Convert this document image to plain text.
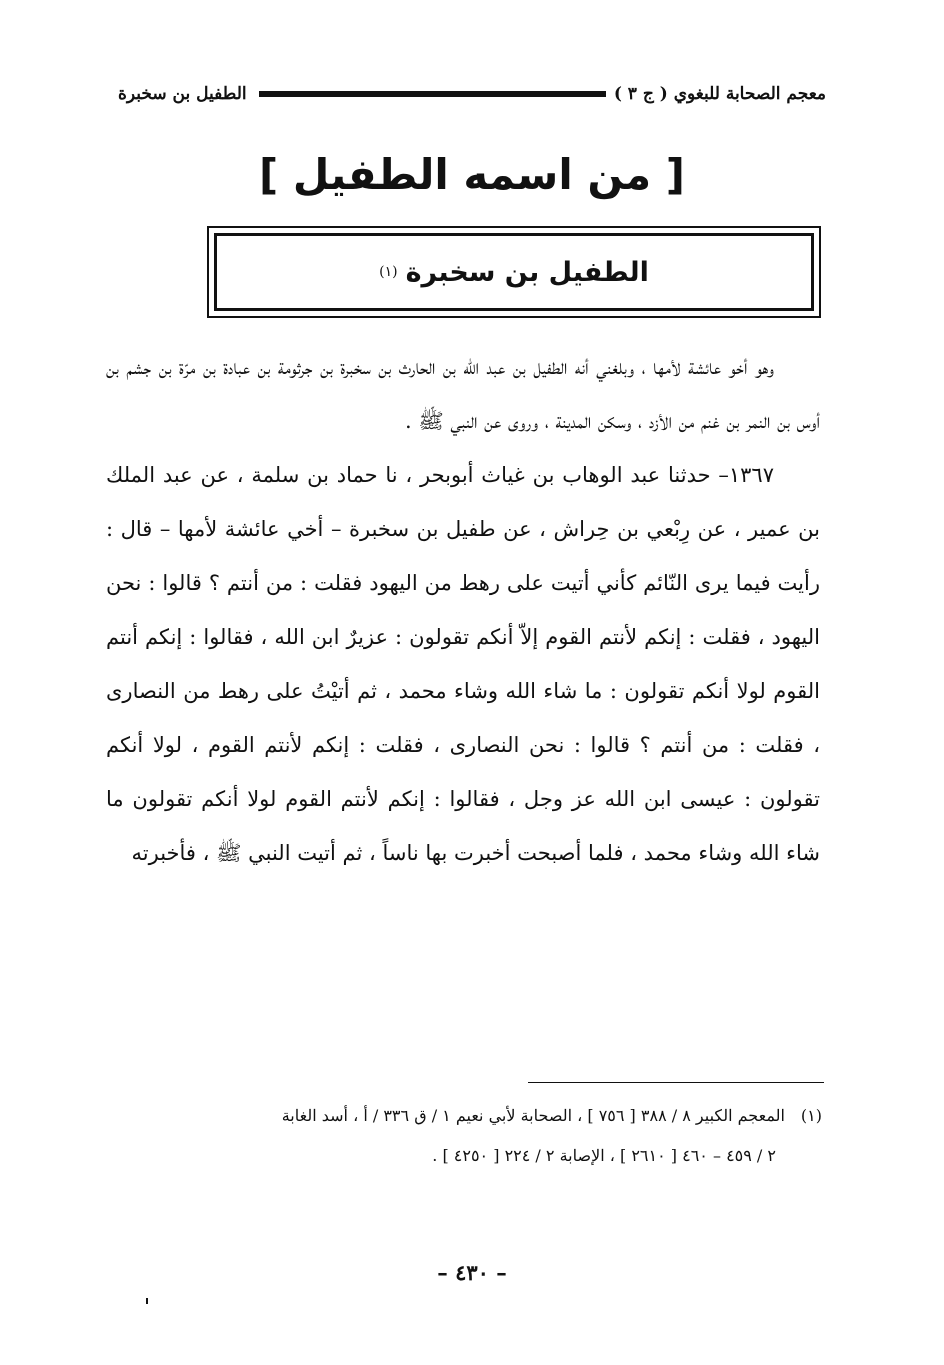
معجم الصحابة للبغوي ( ج ٣ )
الطفيل بن سخبرة
[ من اسمه الطفيل ]
الطفيل بن سخبرة
(١)

وهو أخو عائشة لأمها ، وبلغني أنه الطفيل بن عبد الله بن الحارث بن سخبرة بن جرثومة بن عبادة بن مرّة بن جشم بن أوس بن النمر بن غنم من الأزد ، وسكن المدينة ، وروى عن النبي ﷺ .

١٣٦٧– حدثنا عبد الوهاب بن غياث أبوبحر ، نا حماد بن سلمة ، عن عبد الملك بن عمير ، عن رِبْعي بن حِراش ، عن طفيل بن سخبرة – أخي عائشة لأمها – قال : رأيت فيما يرى النّائم كأني أتيت على رهط من اليهود فقلت : من أنتم ؟ قالوا : نحن اليهود ، فقلت : إنكم لأنتم القوم إلاّ أنكم تقولون : عزيرٌ ابن الله ، فقالوا : إنكم أنتم القوم لولا أنكم تقولون : ما شاء الله وشاء محمد ، ثم أتيْتُ على رهط من النصارى ، فقلت : من أنتم ؟ قالوا : نحن النصارى ، فقلت : إنكم لأنتم القوم ، لولا أنكم تقولون : عيسى ابن الله عز وجل ، فقالوا : إنكم لأنتم القوم لولا أنكم تقولون ما شاء الله وشاء محمد ، فلما أصبحت أخبرت بها ناساً ، ثم أتيت النبي ﷺ ، فأخبرته

(١)المعجم الكبير ٨ / ٣٨٨ [ ٧٥٦ ] ، الصحابة لأبي نعيم ١ / ق ٣٣٦ / أ ، أسد الغابة
٢ / ٤٥٩ – ٤٦٠ [ ٢٦١٠ ] ، الإصابة ٢ / ٢٢٤ [ ٤٢٥٠ ] .
– ٤٣٠ –
